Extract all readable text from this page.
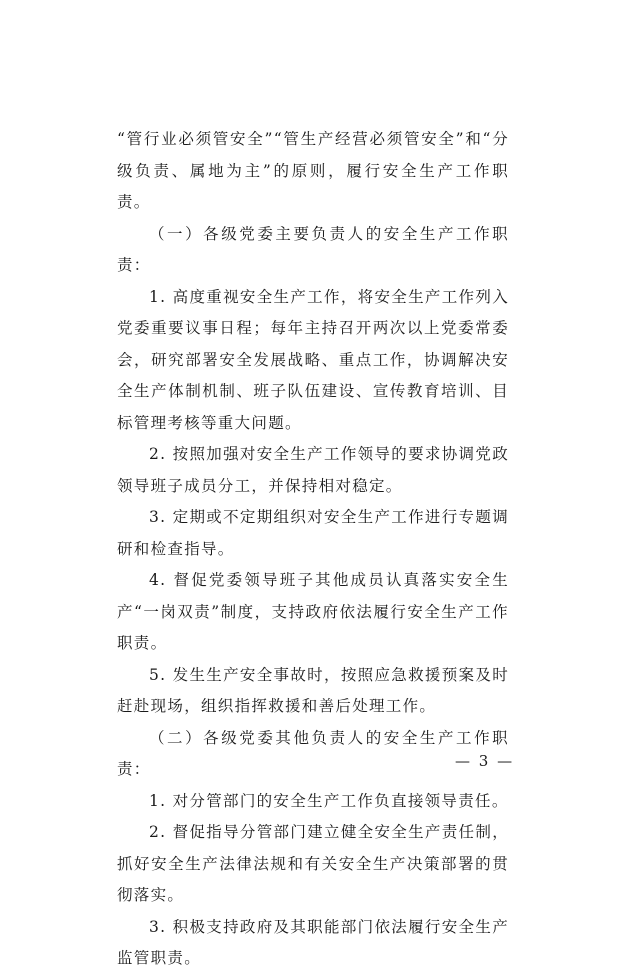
“管行业必须管安全”“管生产经营必须管安全”和“分级负责、属地为主”的原则，履行安全生产工作职责。

（一）各级党委主要负责人的安全生产工作职责：

1. 高度重视安全生产工作，将安全生产工作列入党委重要议事日程；每年主持召开两次以上党委常委会，研究部署安全发展战略、重点工作，协调解决安全生产体制机制、班子队伍建设、宣传教育培训、目标管理考核等重大问题。

2. 按照加强对安全生产工作领导的要求协调党政领导班子成员分工，并保持相对稳定。

3. 定期或不定期组织对安全生产工作进行专题调研和检查指导。

4. 督促党委领导班子其他成员认真落实安全生产“一岗双责”制度，支持政府依法履行安全生产工作职责。

5. 发生生产安全事故时，按照应急救援预案及时赶赴现场，组织指挥救援和善后处理工作。

（二）各级党委其他负责人的安全生产工作职责：

1. 对分管部门的安全生产工作负直接领导责任。

2. 督促指导分管部门建立健全安全生产责任制，抓好安全生产法律法规和有关安全生产决策部署的贯彻落实。

3. 积极支持政府及其职能部门依法履行安全生产监管职责。

— 3 —
